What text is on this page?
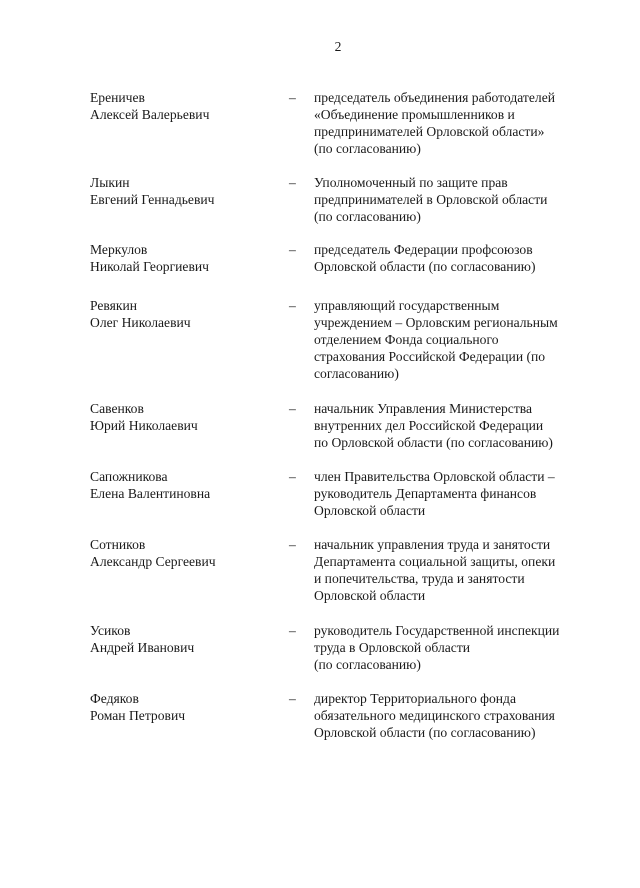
2
Ереничев
Алексей Валерьевич
– председатель объединения работодателей
«Объединение промышленников и
предпринимателей Орловской области»
(по согласованию)
Лыкин
Евгений Геннадьевич
– Уполномоченный по защите прав
предпринимателей в Орловской области
(по согласованию)
Меркулов
Николай Георгиевич
– председатель Федерации профсоюзов
Орловской области (по согласованию)
Ревякин
Олег Николаевич
– управляющий государственным
учреждением – Орловским региональным
отделением Фонда социального
страхования Российской Федерации (по
согласованию)
Савенков
Юрий Николаевич
– начальник Управления Министерства
внутренних дел Российской Федерации
по Орловской области (по согласованию)
Сапожникова
Елена Валентиновна
– член Правительства Орловской области –
руководитель Департамента финансов
Орловской области
Сотников
Александр Сергеевич
– начальник управления труда и занятости
Департамента социальной защиты, опеки
и попечительства, труда и занятости
Орловской области
Усиков
Андрей Иванович
– руководитель Государственной инспекции
труда в Орловской области
(по согласованию)
Федяков
Роман Петрович
– директор Территориального фонда
обязательного медицинского страхования
Орловской области (по согласованию)
